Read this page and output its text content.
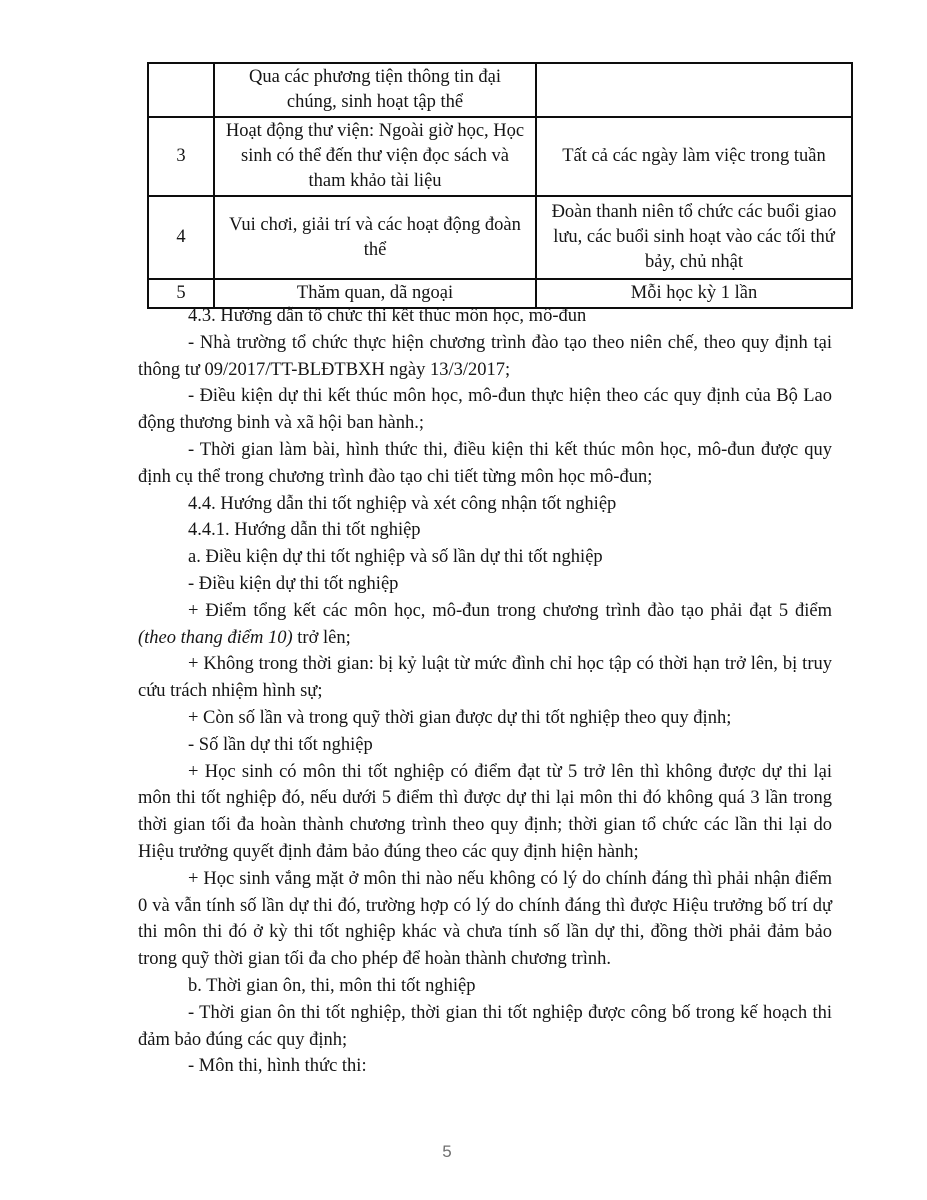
	Qua các phương tiện thông tin đại chúng, sinh hoạt tập thể	
3	Hoạt động thư viện: Ngoài giờ học, Học sinh có thể đến thư viện đọc sách và tham khảo tài liệu	Tất cả các ngày làm việc trong tuần
4	Vui chơi, giải trí và các hoạt động đoàn thể	Đoàn thanh niên tổ chức các buổi giao lưu, các buổi sinh hoạt vào các tối thứ bảy, chủ nhật
5	Thăm quan, dã ngoại	Mỗi học kỳ 1 lần

4.3. Hướng dẫn tổ chức thi kết thúc môn học, mô-đun

- Nhà trường tổ chức thực hiện chương trình đào tạo theo niên chế, theo quy định tại thông tư 09/2017/TT-BLĐTBXH ngày 13/3/2017;

- Điều kiện dự thi kết thúc môn học, mô-đun thực hiện theo các quy định của Bộ Lao động thương binh và xã hội ban hành.;

- Thời gian làm bài, hình thức thi, điều kiện thi kết thúc môn học, mô-đun được quy định cụ thể trong chương trình đào tạo chi tiết từng môn học mô-đun;

4.4. Hướng dẫn thi tốt nghiệp và xét công nhận tốt nghiệp

4.4.1. Hướng dẫn thi tốt nghiệp

a. Điều kiện dự thi tốt nghiệp và số lần dự thi tốt nghiệp

- Điều kiện dự thi tốt nghiệp

+ Điểm tổng kết các môn học, mô-đun trong chương trình đào tạo phải đạt 5 điểm (theo thang điểm 10) trở lên;

+ Không trong thời gian: bị kỷ luật từ mức đình chỉ học tập có thời hạn trở lên, bị truy cứu trách nhiệm hình sự;

+ Còn số lần và trong quỹ thời gian được dự thi tốt nghiệp theo quy định;

- Số lần dự thi tốt nghiệp

+ Học sinh có môn thi tốt nghiệp có điểm đạt từ 5 trở lên thì không được dự thi lại môn thi tốt nghiệp đó, nếu dưới 5 điểm thì được dự thi lại môn thi đó không quá 3 lần trong thời gian tối đa hoàn thành chương trình theo quy định; thời gian tổ chức các lần thi lại do Hiệu trưởng quyết định đảm bảo đúng theo các quy định hiện hành;

+ Học sinh vắng mặt ở môn thi nào nếu không có lý do chính đáng thì phải nhận điểm 0 và vẫn tính số lần dự thi đó, trường hợp có lý do chính đáng thì được Hiệu trưởng bố trí dự thi môn thi đó ở kỳ thi tốt nghiệp khác và chưa tính số lần dự thi, đồng thời phải đảm bảo trong quỹ thời gian tối đa cho phép để hoàn thành chương trình.

b. Thời gian ôn, thi, môn thi tốt nghiệp

- Thời gian ôn thi tốt nghiệp, thời gian thi tốt nghiệp được công bố trong kế hoạch thi đảm bảo đúng các quy định;

- Môn thi, hình thức thi:

5
